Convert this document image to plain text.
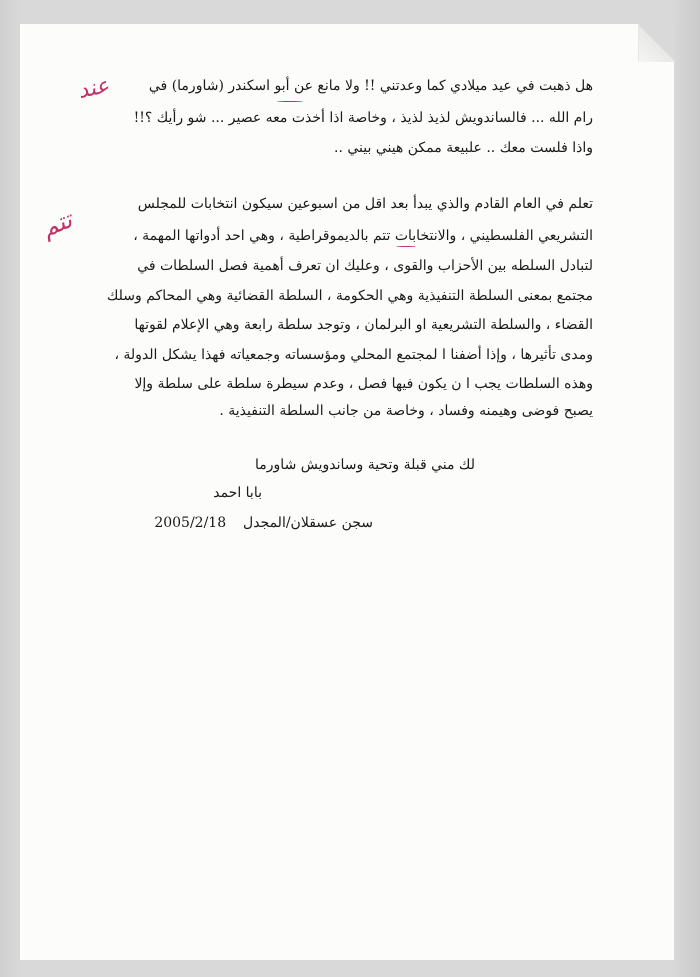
هل ذهبت في عيد ميلادي كما وعدتني !! ولا مانع عن أبو اسكندر (شاورما) في
رام الله ... فالساندويش لذيذ لذيذ ، وخاصة اذا أخذت معه عصير ... شو رأيك ؟!!
واذا فلست معك .. علبيعة ممكن هيني بيني ..
تعلم في العام القادم والذي يبدأ بعد اقل من اسبوعين سيكون انتخابات للمجلس
التشريعي الفلسطيني ، والانتخابات تتم بالديموقراطية ، وهي احد أدواتها المهمة ،
لتبادل السلطه بين الأحزاب والقوى ، وعليك ان تعرف أهمية فصل السلطات في
مجتمع بمعنى السلطة التنفيذية وهي الحكومة ، السلطة القضائية وهي المحاكم وسلك
القضاء ، والسلطة التشريعية او البرلمان ، وتوجد سلطة رابعة وهي الإعلام لقوتها
ومدى تأثيرها ، وإذا أضفنا ا لمجتمع المحلي ومؤسساته وجمعياته فهذا يشكل الدولة ،
وهذه السلطات يجب ا ن يكون فيها فصل ، وعدم سيطرة سلطة على سلطة وإلا
يصبح فوضى وهيمنه وفساد ، وخاصة من جانب السلطة التنفيذية .
لك مني قبلة وتحية وساندويش شاورما
بابا احمد
2005/2/18 سجن عسقلان/المجدل
عند
تتم
